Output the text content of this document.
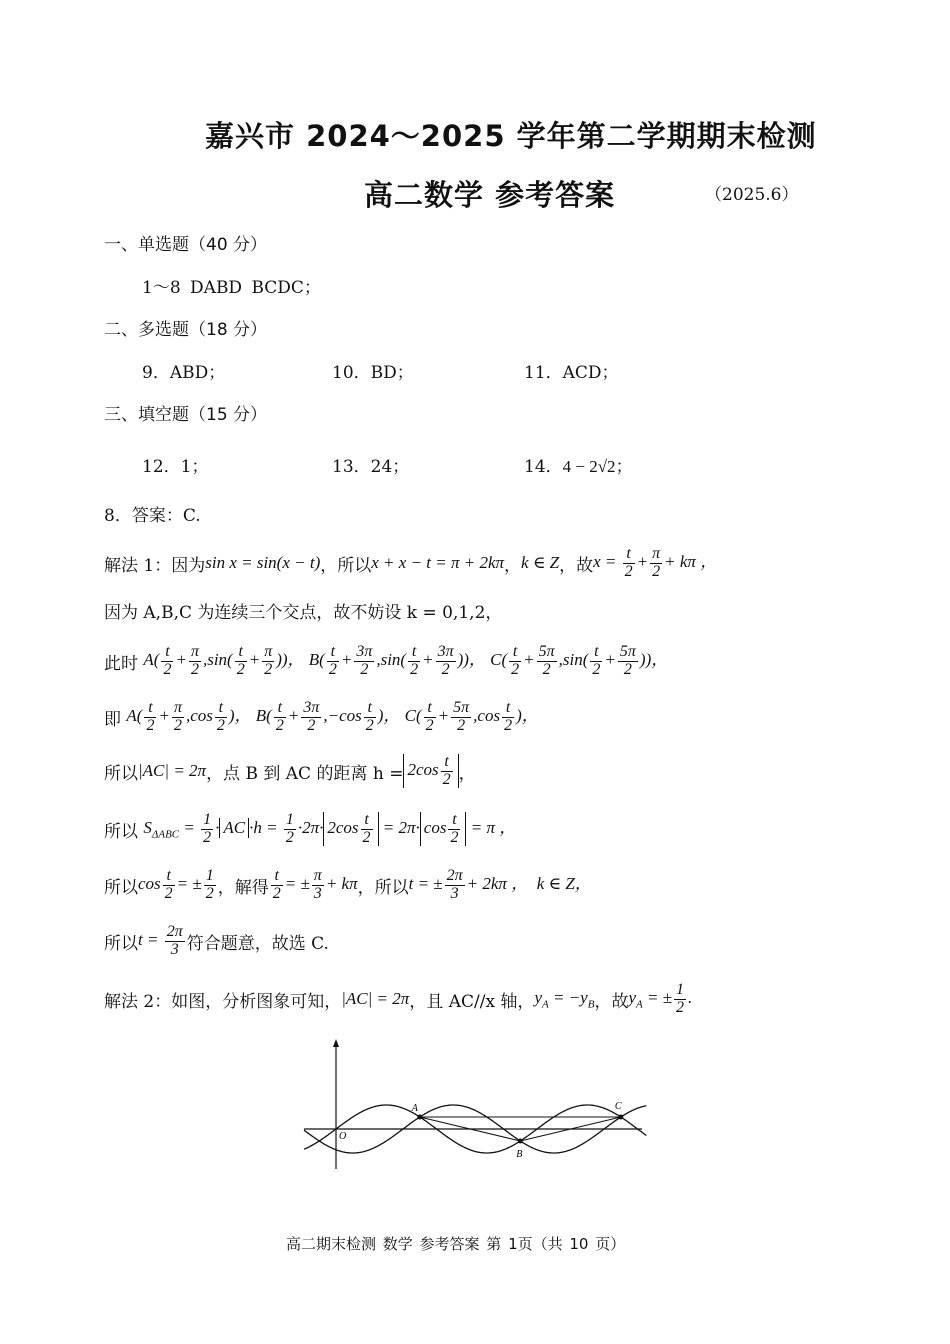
嘉兴市 2024～2025 学年第二学期期末检测
高二数学 参考答案	（2025.6）
一、单选题（40 分）
1～8 DABD BCDC；
二、多选题（18 分）
9．ABD；	10．BD；	11．ACD；
三、填空题（15 分）
12．1；	13．24；	14．4 − 2√2；
8．答案：C.
解法 1： 因为 sin x = sin(x − t) ，所以 x + x − t = π + 2kπ ， k ∈ Z ，故 $x = \frac{t}{2} + \frac{\pi}{2} + k\pi$ ，
因为 A,B,C 为连续三个交点，故不妨设 k = 0,1,2，
此时
$A( \frac{t}{2} + \frac{\pi}{2} ,\sin( \frac{t}{2} + \frac{\pi}{2}$ ))， $B( \frac{t}{2} + \frac{3\pi}{2} ,\sin( \frac{t}{2} + \frac{3\pi}{2}$ ))， $C( \frac{t}{2} + \frac{5\pi}{2} ,\sin( \frac{t}{2} + \frac{5\pi}{2}$ ))，
即
$A( \frac{t}{2} + \frac{\pi}{2} ,\cos \frac{t}{2}$ )， $B( \frac{t}{2} + \frac{3\pi}{2} ,-\cos \frac{t}{2}$ )， $C( \frac{t}{2} + \frac{5\pi}{2} ,\cos \frac{t}{2}$ )，
所以 |AC| = 2π ，点 B 到 AC 的距离 $h = 2\cos \frac{t}{2}$ ，
所以
$S_{\Delta ABC} = \frac{1}{2}$ · AC $\cdot h = \frac{1}{2} \cdot 2\pi\cdot 2\cos \frac{t}{2} = 2\pi\cdot \cos \frac{t}{2} = \pi$ ，
所以 $\cos \frac{t}{2}$ = ± $\frac{1}{2}$ ，解得 $\frac{t}{2}$ = ± $\frac{\pi}{3} + k\pi$ ，所以 t = ± $\frac{2\pi}{3} + 2k\pi$ ，  k ∈ Z，
所以 $t = \frac{2\pi}{3}$ 符合题意，故选 C.
解法 2： 如图，分析图象可知， |AC| = 2π ，且 AC//x 轴， $y_A = -y_B$ ，故 $y_A$ = ± $\frac{1}{2}$ .
A
B
C
O
高二期末检测 数学 参考答案 第 1页（共 10 页）
